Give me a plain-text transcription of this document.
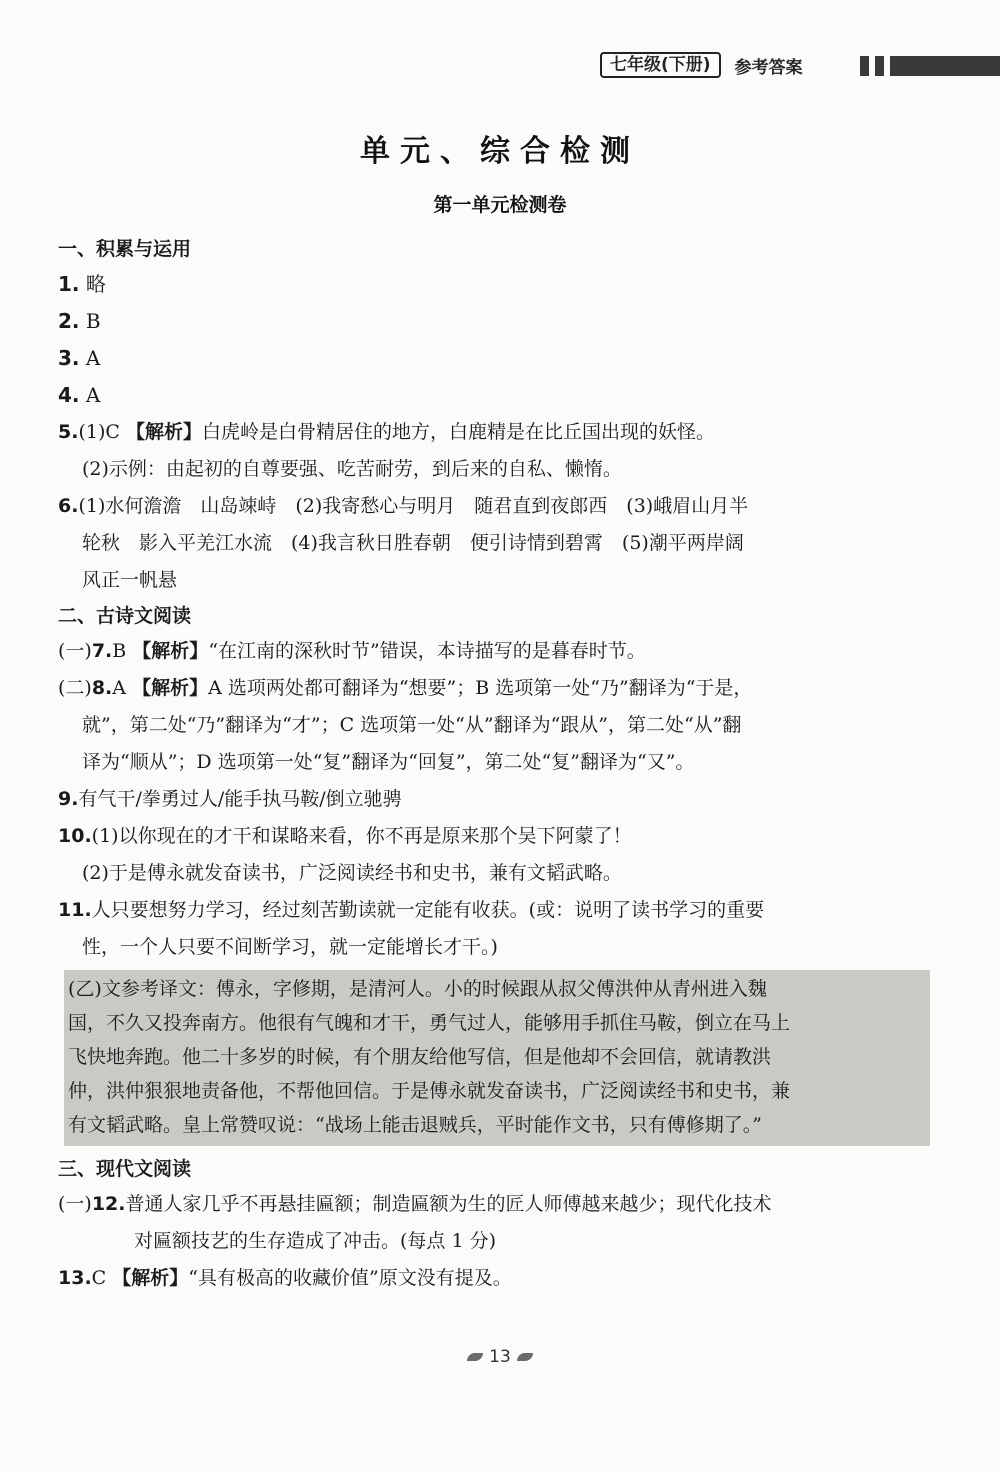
七年级(下册)	参考答案
单元、综合检测
第一单元检测卷
一、积累与运用
1. 略
2. B
3. A
4. A
5.(1)C 【解析】白虎岭是白骨精居住的地方，白鹿精是在比丘国出现的妖怪。
(2)示例：由起初的自尊要强、吃苦耐劳，到后来的自私、懒惰。
6.(1)水何澹澹　山岛竦峙　(2)我寄愁心与明月　随君直到夜郎西　(3)峨眉山月半
轮秋　影入平羌江水流　(4)我言秋日胜春朝　便引诗情到碧霄　(5)潮平两岸阔
风正一帆悬
二、古诗文阅读
(一)7.B 【解析】“在江南的深秋时节”错误，本诗描写的是暮春时节。
(二)8.A 【解析】A 选项两处都可翻译为“想要”；B 选项第一处“乃”翻译为“于是，
就”，第二处“乃”翻译为“才”；C 选项第一处“从”翻译为“跟从”，第二处“从”翻
译为“顺从”；D 选项第一处“复”翻译为“回复”，第二处“复”翻译为“又”。
9.有气干/拳勇过人/能手执马鞍/倒立驰骋
10.(1)以你现在的才干和谋略来看，你不再是原来那个吴下阿蒙了！
(2)于是傅永就发奋读书，广泛阅读经书和史书，兼有文韬武略。
11.人只要想努力学习，经过刻苦勤读就一定能有收获。(或：说明了读书学习的重要
性，一个人只要不间断学习，就一定能增长才干。)
(乙)文参考译文：傅永，字修期，是清河人。小的时候跟从叔父傅洪仲从青州进入魏
国，不久又投奔南方。他很有气魄和才干，勇气过人，能够用手抓住马鞍，倒立在马上
飞快地奔跑。他二十多岁的时候，有个朋友给他写信，但是他却不会回信，就请教洪
仲，洪仲狠狠地责备他，不帮他回信。于是傅永就发奋读书，广泛阅读经书和史书，兼
有文韬武略。皇上常赞叹说：“战场上能击退贼兵，平时能作文书，只有傅修期了。”
三、现代文阅读
(一)12.普通人家几乎不再悬挂匾额；制造匾额为生的匠人师傅越来越少；现代化技术
对匾额技艺的生存造成了冲击。(每点 1 分)
13.C 【解析】“具有极高的收藏价值”原文没有提及。
13
